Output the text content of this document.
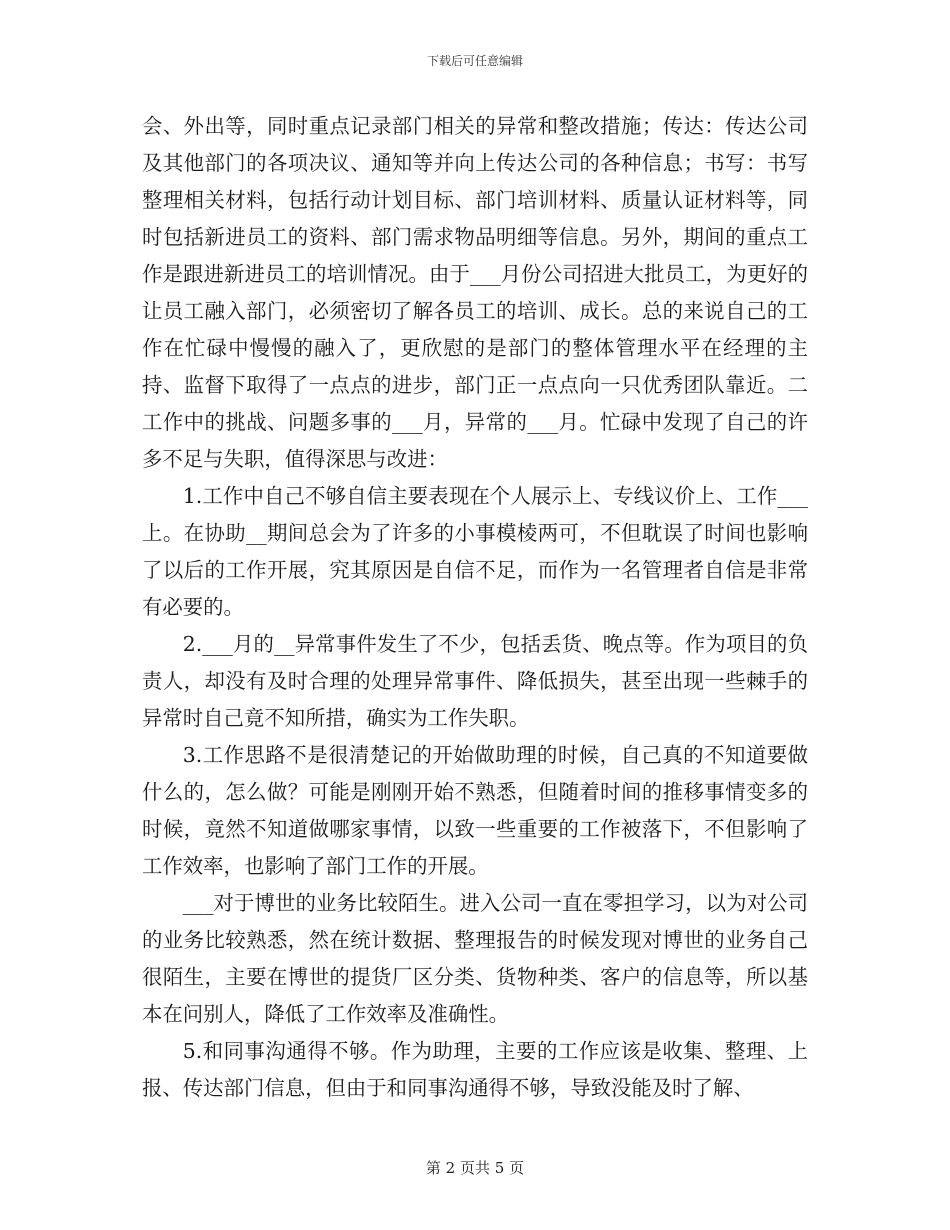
下载后可任意编辑

会、外出等，同时重点记录部门相关的异常和整改措施；传达：传达公司及其他部门的各项决议、通知等并向上传达公司的各种信息；书写：书写整理相关材料，包括行动计划目标、部门培训材料、质量认证材料等，同时包括新进员工的资料、部门需求物品明细等信息。另外，期间的重点工作是跟进新进员工的培训情况。由于___月份公司招进大批员工，为更好的让员工融入部门，必须密切了解各员工的培训、成长。总的来说自己的工作在忙碌中慢慢的融入了，更欣慰的是部门的整体管理水平在经理的主持、监督下取得了一点点的进步，部门正一点点向一只优秀团队靠近。二工作中的挑战、问题多事的___月，异常的___月。忙碌中发现了自己的许多不足与失职，值得深思与改进：

1.工作中自己不够自信主要表现在个人展示上、专线议价上、工作___上。在协助__期间总会为了许多的小事模棱两可，不但耽误了时间也影响了以后的工作开展，究其原因是自信不足，而作为一名管理者自信是非常有必要的。

2.___月的__异常事件发生了不少，包括丢货、晚点等。作为项目的负责人，却没有及时合理的处理异常事件、降低损失，甚至出现一些棘手的异常时自己竟不知所措，确实为工作失职。

3.工作思路不是很清楚记的开始做助理的时候，自己真的不知道要做什么的，怎么做？可能是刚刚开始不熟悉，但随着时间的推移事情变多的时候，竟然不知道做哪家事情，以致一些重要的工作被落下，不但影响了工作效率，也影响了部门工作的开展。

___对于博世的业务比较陌生。进入公司一直在零担学习，以为对公司的业务比较熟悉，然在统计数据、整理报告的时候发现对博世的业务自己很陌生，主要在博世的提货厂区分类、货物种类、客户的信息等，所以基本在问别人，降低了工作效率及准确性。

5.和同事沟通得不够。作为助理，主要的工作应该是收集、整理、上报、传达部门信息，但由于和同事沟通得不够，导致没能及时了解、

第 2 页共 5 页
